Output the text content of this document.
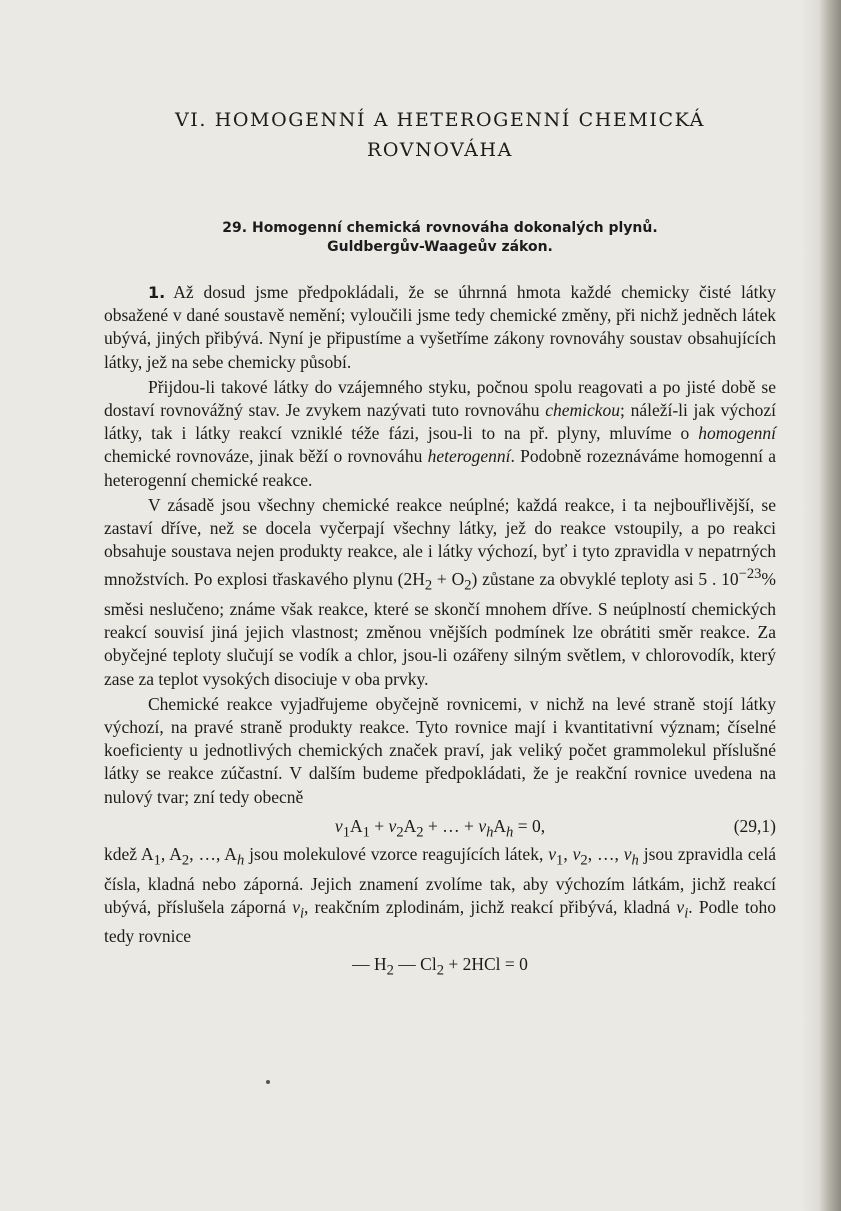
VI. HOMOGENNÍ A HETEROGENNÍ CHEMICKÁ
ROVNOVÁHA
29. Homogenní chemická rovnováha dokonalých plynů.
Guldbergův-Waageův zákon.

1. Až dosud jsme předpokládali, že se úhrnná hmota každé chemicky čisté látky obsažené v dané soustavě nemění; vyloučili jsme tedy chemické změny, při nichž jedněch látek ubývá, jiných přibývá. Nyní je připustíme a vyšetříme zákony rovnováhy soustav obsahujících látky, jež na sebe chemicky působí.

Přijdou-li takové látky do vzájemného styku, počnou spolu reagovati a po jisté době se dostaví rovnovážný stav. Je zvykem nazývati tuto rovnováhu chemickou; náleží-li jak výchozí látky, tak i látky reakcí vzniklé téže fázi, jsou-li to na př. plyny, mluvíme o homogenní chemické rovnováze, jinak běží o rovnováhu heterogenní. Podobně rozeznáváme homogenní a heterogenní chemické reakce.

V zásadě jsou všechny chemické reakce neúplné; každá reakce, i ta nejbouřlivější, se zastaví dříve, než se docela vyčerpají všechny látky, jež do reakce vstoupily, a po reakci obsahuje soustava nejen produkty reakce, ale i látky výchozí, byť i tyto zpravidla v nepatrných množstvích. Po explosi třaskavého plynu $(2H_2 + O_2)$ zůstane za obvyklé teploty asi 5 . $10^{-23}\%$ směsi neslučeno; známe však reakce, které se skončí mnohem dříve. S neúplností chemických reakcí souvisí jiná jejich vlastnost; změnou vnějších podmínek lze obrátiti směr reakce. Za obyčejné teploty slučují se vodík a chlor, jsou-li ozářeny silným světlem, v chlorovodík, který zase za teplot vysokých disociuje v oba prvky.

Chemické reakce vyjadřujeme obyčejně rovnicemi, v nichž na levé straně stojí látky výchozí, na pravé straně produkty reakce. Tyto rovnice mají i kvantitativní význam; číselné koeficienty u jednotlivých chemických značek praví, jak veliký počet grammolekul příslušné látky se reakce zúčastní. V dalším budeme předpokládati, že je reakční rovnice uvedena na nulový tvar; zní tedy obecně

$\nu_1A_1 + \nu_2A_2$ + … + $\nu_hA_h = 0$,	(29,1)

kdež $A_1$, $A_2$, …, $A_h$ jsou molekulové vzorce reagujících látek, $\nu_1$, $\nu_2$, …, $\nu_h$ jsou zpravidla celá čísla, kladná nebo záporná. Jejich znamení zvolíme tak, aby výchozím látkám, jichž reakcí ubývá, příslušela záporná $\nu_i$, reakčním zplodinám, jichž reakcí přibývá, kladná $\nu_i$. Podle toho tedy rovnice

— $H_2$ — $Cl_2 + 2HCl = 0$
